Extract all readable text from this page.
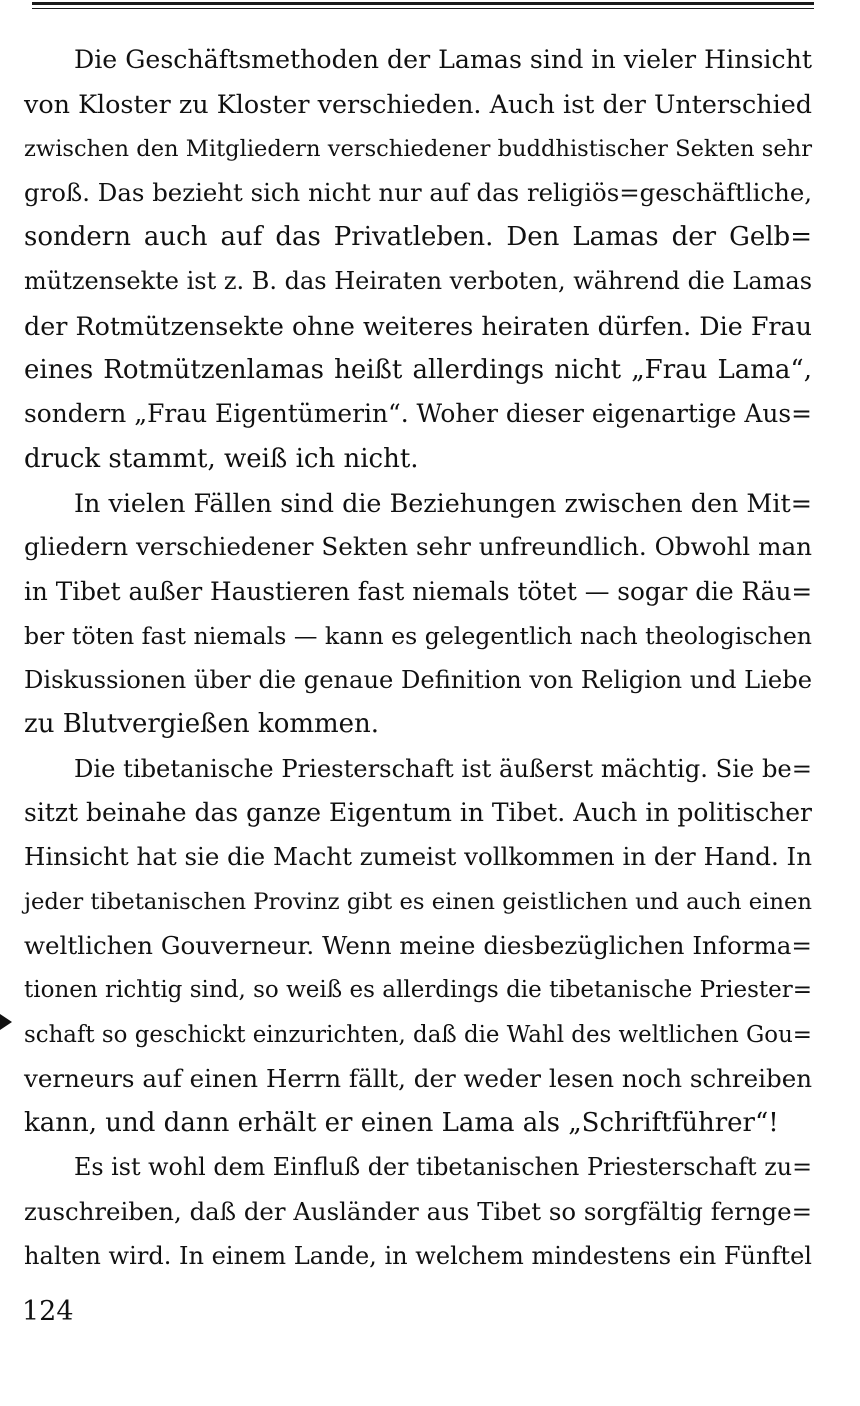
Die Geschäftsmethoden der Lamas sind in vieler Hinsicht
von Kloster zu Kloster verschieden. Auch ist der Unterschied
zwischen den Mitgliedern verschiedener buddhistischer Sekten sehr
groß. Das bezieht sich nicht nur auf das religiös=geschäftliche,
sondern auch auf das Privatleben. Den Lamas der Gelb=
mützensekte ist z. B. das Heiraten verboten, während die Lamas
der Rotmützensekte ohne weiteres heiraten dürfen. Die Frau
eines Rotmützenlamas heißt allerdings nicht „Frau Lama“,
sondern „Frau Eigentümerin“. Woher dieser eigenartige Aus=
druck stammt, weiß ich nicht.
In vielen Fällen sind die Beziehungen zwischen den Mit=
gliedern verschiedener Sekten sehr unfreundlich. Obwohl man
in Tibet außer Haustieren fast niemals tötet — sogar die Räu=
ber töten fast niemals — kann es gelegentlich nach theologischen
Diskussionen über die genaue Definition von Religion und Liebe
zu Blutvergießen kommen.
Die tibetanische Priesterschaft ist äußerst mächtig. Sie be=
sitzt beinahe das ganze Eigentum in Tibet. Auch in politischer
Hinsicht hat sie die Macht zumeist vollkommen in der Hand. In
jeder tibetanischen Provinz gibt es einen geistlichen und auch einen
weltlichen Gouverneur. Wenn meine diesbezüglichen Informa=
tionen richtig sind, so weiß es allerdings die tibetanische Priester=
schaft so geschickt einzurichten, daß die Wahl des weltlichen Gou=
verneurs auf einen Herrn fällt, der weder lesen noch schreiben
kann, und dann erhält er einen Lama als „Schriftführer“!
Es ist wohl dem Einfluß der tibetanischen Priesterschaft zu=
zuschreiben, daß der Ausländer aus Tibet so sorgfältig fernge=
halten wird. In einem Lande, in welchem mindestens ein Fünftel
124
